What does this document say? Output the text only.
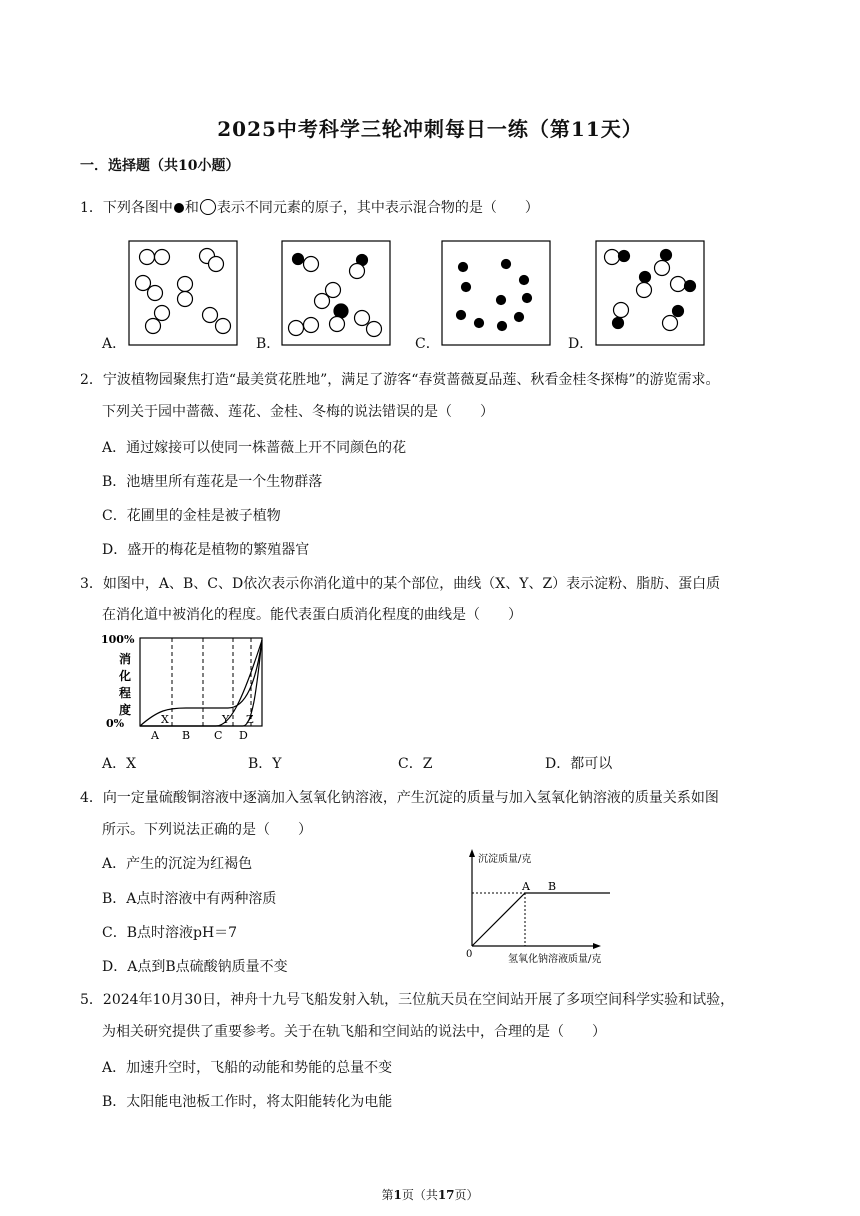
2025中考科学三轮冲刺每日一练（第11天）
一．选择题（共10小题）
1．下列各图中 和 表示不同元素的原子，其中表示混合物的是（　　）
A．	B．	C．	D．
2．宁波植物园聚焦打造“最美赏花胜地”，满足了游客“春赏蔷薇夏品莲、秋看金桂冬探梅”的游览需求。
下列关于园中蔷薇、莲花、金桂、冬梅的说法错误的是（　　）
A．通过嫁接可以使同一株蔷薇上开不同颜色的花
B．池塘里所有莲花是一个生物群落
C．花圃里的金桂是被子植物
D．盛开的梅花是植物的繁殖器官
3．如图中，A、B、C、D依次表示你消化道中的某个部位，曲线（X、Y、Z）表示淀粉、脂肪、蛋白质
在消化道中被消化的程度。能代表蛋白质消化程度的曲线是（　　）
100%
消
化
程
度
0%	X	Y Z
A B C D
A．X	B．Y	C．Z	D．都可以
4．向一定量硫酸铜溶液中逐滴加入氢氧化钠溶液，产生沉淀的质量与加入氢氧化钠溶液的质量关系如图
所示。下列说法正确的是（　　）
A．产生的沉淀为红褐色
B．A点时溶液中有两种溶质
C．B点时溶液pH＝7
D．A点到B点硫酸钠质量不变
沉淀质量/克
氢氧化钠溶液质量/克
0
A B
5．2024年10月30日，神舟十九号飞船发射入轨，三位航天员在空间站开展了多项空间科学实验和试验，
为相关研究提供了重要参考。关于在轨飞船和空间站的说法中，合理的是（　　）
A．加速升空时，飞船的动能和势能的总量不变
B．太阳能电池板工作时，将太阳能转化为电能
第1页（共17页）
